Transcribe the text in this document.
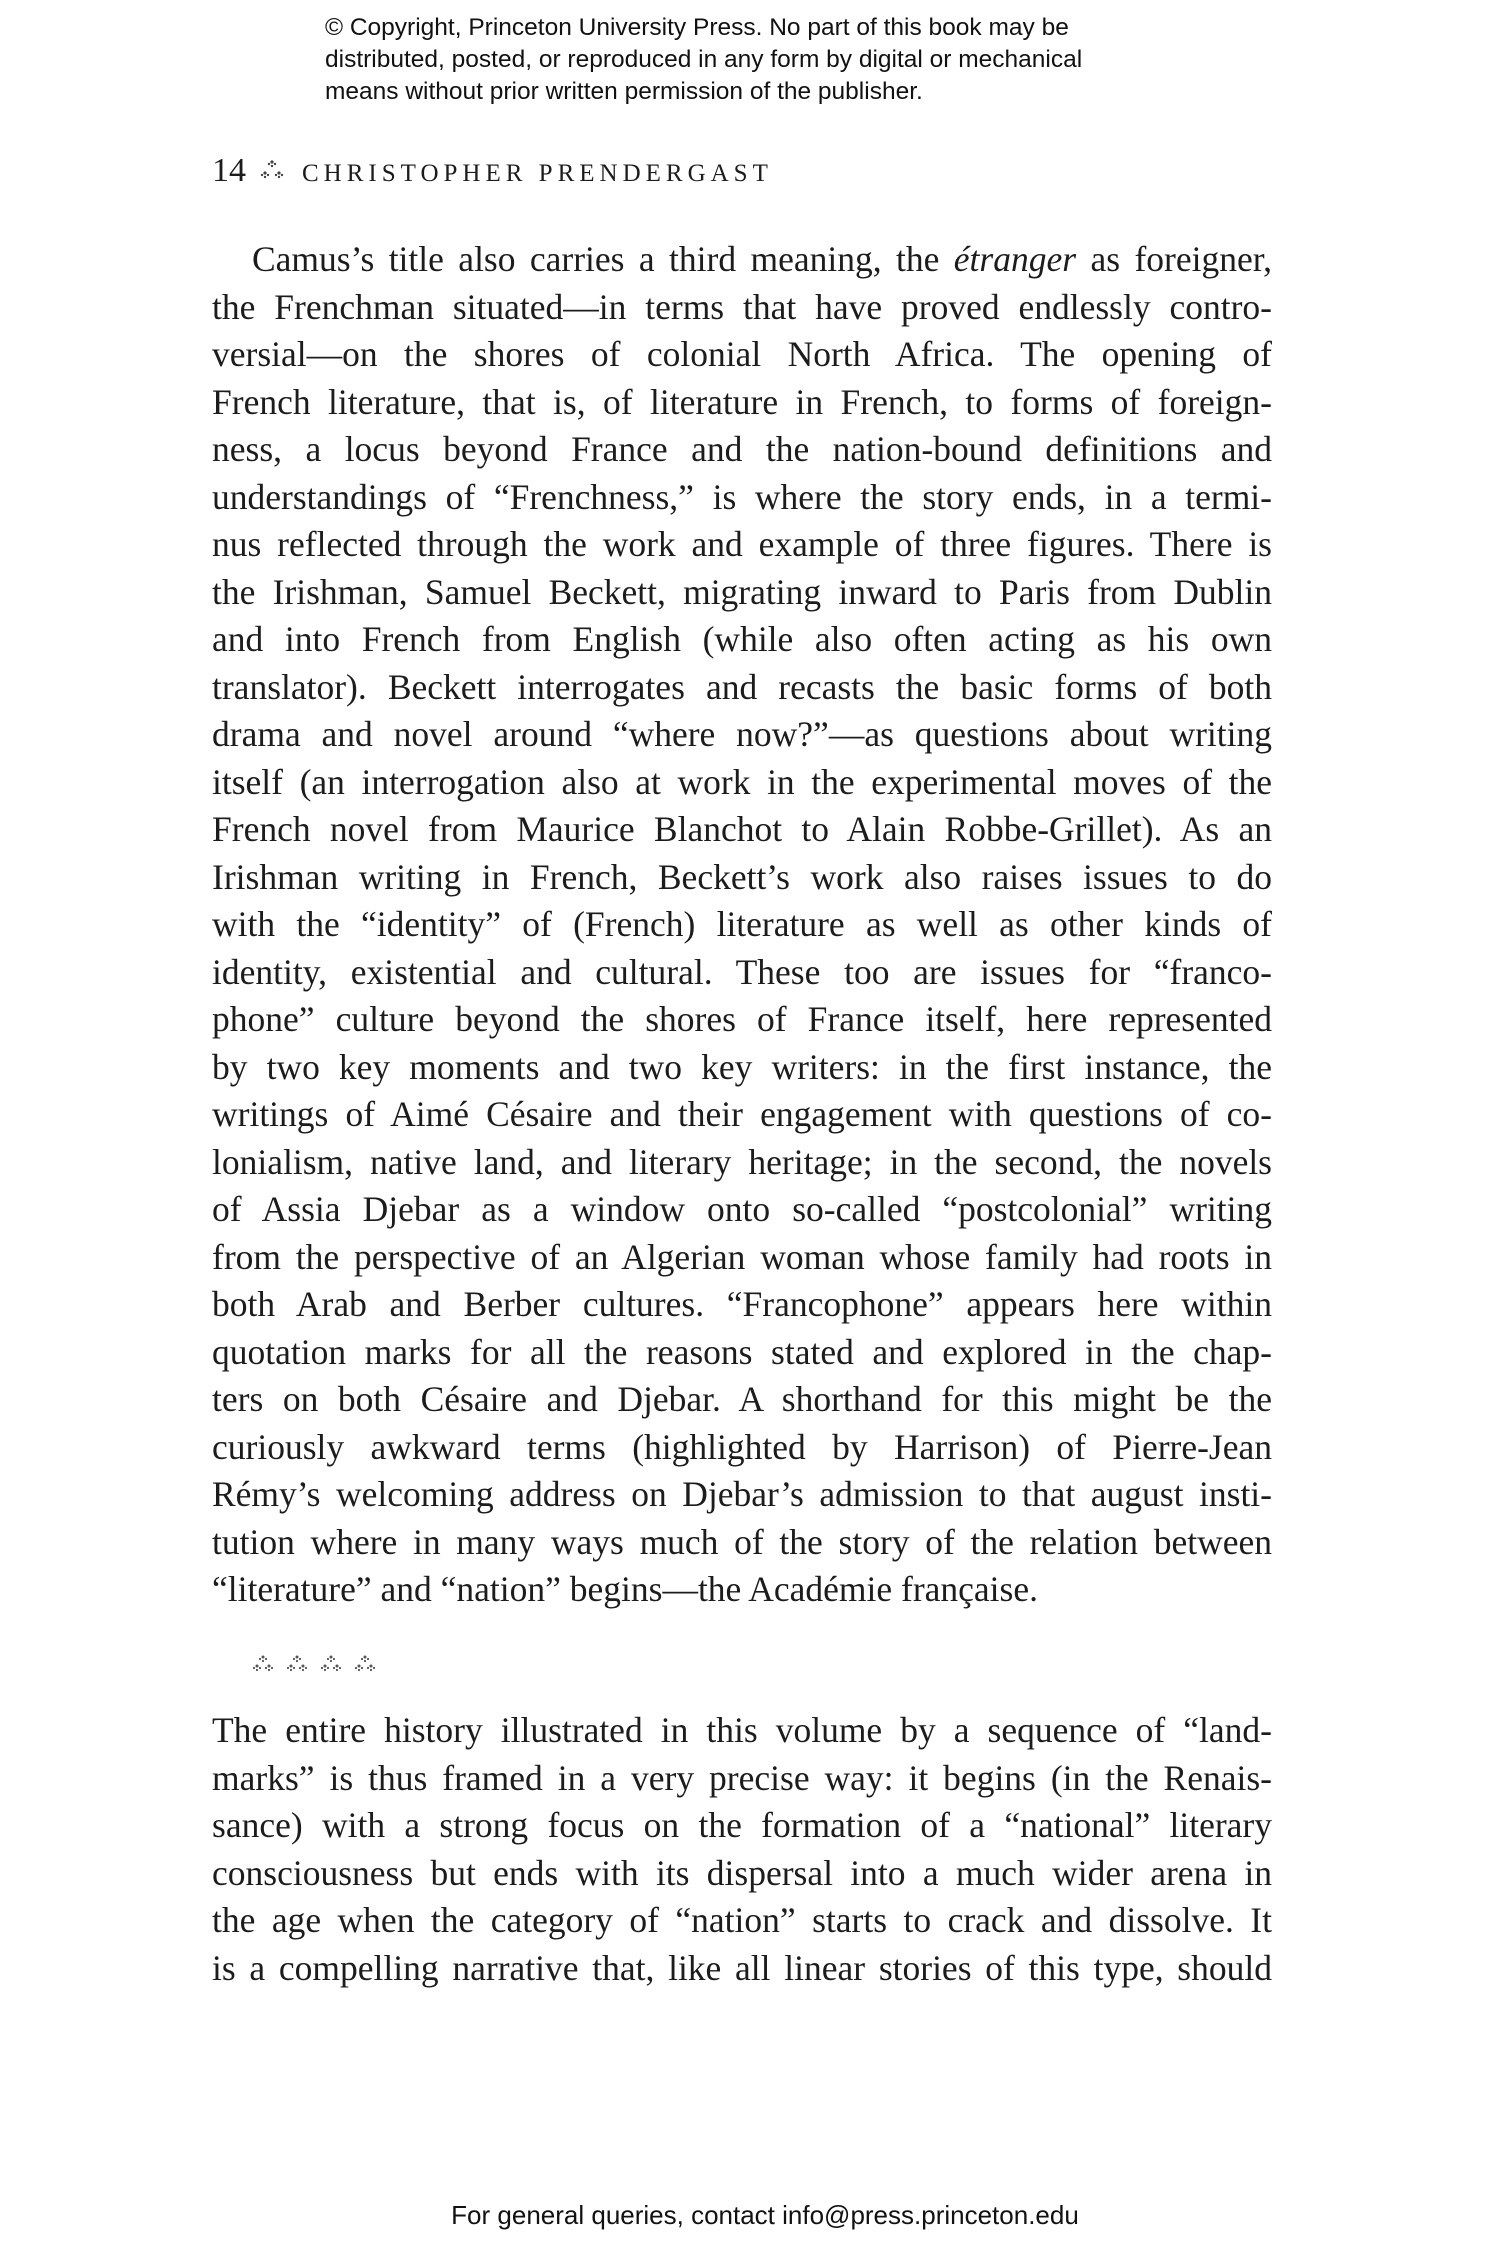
© Copyright, Princeton University Press. No part of this book may be
distributed, posted, or reproduced in any form by digital or mechanical
means without prior written permission of the publisher.
14 CHRISTOPHER PRENDERGAST
Camus’s title also carries a third meaning, the étranger as foreigner,
the Frenchman situated—in terms that have proved endlessly contro-
versial—on the shores of colonial North Africa. The opening of
French literature, that is, of literature in French, to forms of foreign-
ness, a locus beyond France and the nation-bound definitions and
understandings of “Frenchness,” is where the story ends, in a termi-
nus reflected through the work and example of three figures. There is
the Irishman, Samuel Beckett, migrating inward to Paris from Dublin
and into French from English (while also often acting as his own
translator). Beckett interrogates and recasts the basic forms of both
drama and novel around “where now?”—as questions about writing
itself (an interrogation also at work in the experimental moves of the
French novel from Maurice Blanchot to Alain Robbe-Grillet). As an
Irishman writing in French, Beckett’s work also raises issues to do
with the “identity” of (French) literature as well as other kinds of
identity, existential and cultural. These too are issues for “franco-
phone” culture beyond the shores of France itself, here represented
by two key moments and two key writers: in the first instance, the
writings of Aimé Césaire and their engagement with questions of co-
lonialism, native land, and literary heritage; in the second, the novels
of Assia Djebar as a window onto so-called “postcolonial” writing
from the perspective of an Algerian woman whose family had roots in
both Arab and Berber cultures. “Francophone” appears here within
quotation marks for all the reasons stated and explored in the chap-
ters on both Césaire and Djebar. A shorthand for this might be the
curiously awkward terms (highlighted by Harrison) of Pierre-Jean
Rémy’s welcoming address on Djebar’s admission to that august insti-
tution where in many ways much of the story of the relation between
“literature” and “nation” begins—the Académie française.
The entire history illustrated in this volume by a sequence of “land-
marks” is thus framed in a very precise way: it begins (in the Renais-
sance) with a strong focus on the formation of a “national” literary
consciousness but ends with its dispersal into a much wider arena in
the age when the category of “nation” starts to crack and dissolve. It
is a compelling narrative that, like all linear stories of this type, should
For general queries, contact info@press.princeton.edu
